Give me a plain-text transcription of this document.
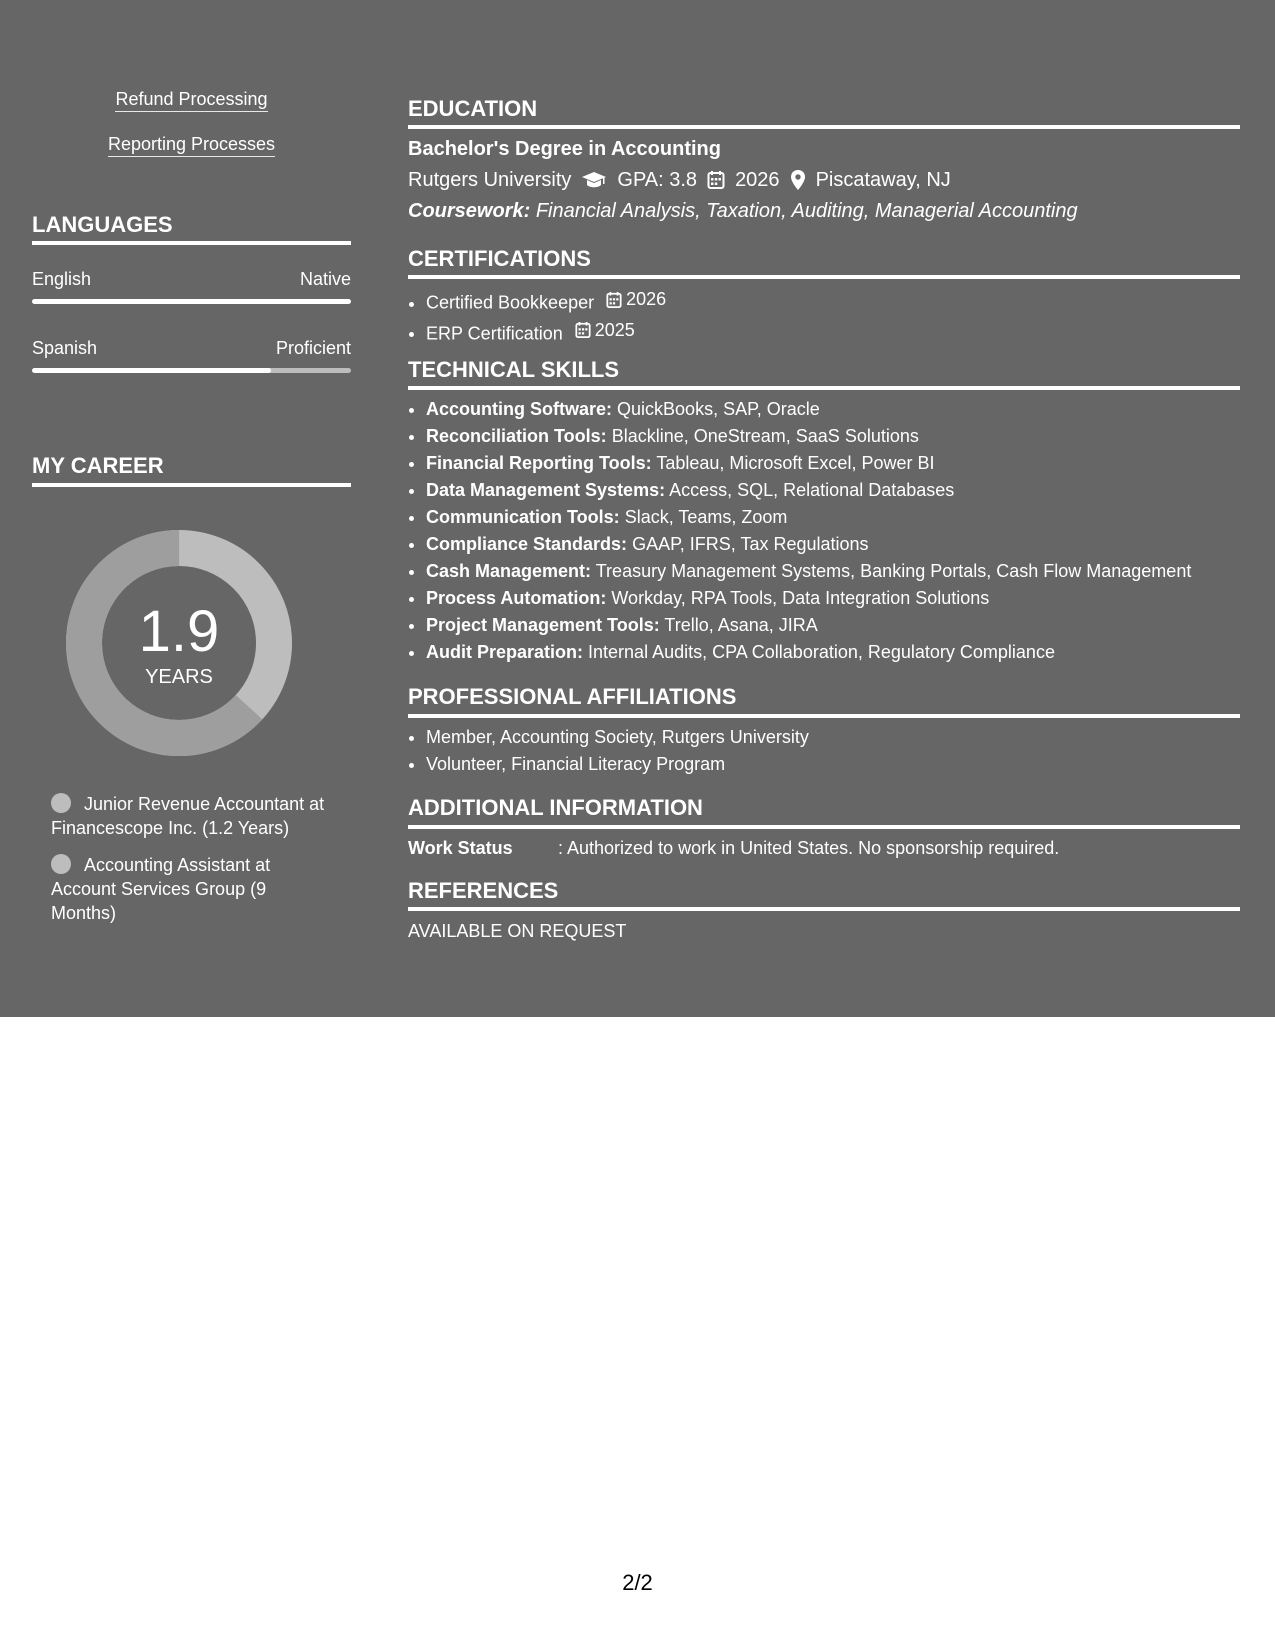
Refund Processing
Reporting Processes
LANGUAGES
English	Native
Spanish	Proficient
MY CAREER
1.9
YEARS
Junior Revenue Accountant at Financescope Inc. (1.2 Years)
Accounting Assistant at Account Services Group (9 Months)
EDUCATION
Bachelor's Degree in Accounting
Rutgers University GPA: 3.8 2026 Piscataway, NJ
Coursework: Financial Analysis, Taxation, Auditing, Managerial Accounting
CERTIFICATIONS
• Certified Bookkeeper 2026
• ERP Certification 2025
TECHNICAL SKILLS
• Accounting Software: QuickBooks, SAP, Oracle
• Reconciliation Tools: Blackline, OneStream, SaaS Solutions
• Financial Reporting Tools: Tableau, Microsoft Excel, Power BI
• Data Management Systems: Access, SQL, Relational Databases
• Communication Tools: Slack, Teams, Zoom
• Compliance Standards: GAAP, IFRS, Tax Regulations
• Cash Management: Treasury Management Systems, Banking Portals, Cash Flow Management
• Process Automation: Workday, RPA Tools, Data Integration Solutions
• Project Management Tools: Trello, Asana, JIRA
• Audit Preparation: Internal Audits, CPA Collaboration, Regulatory Compliance
PROFESSIONAL AFFILIATIONS
• Member, Accounting Society, Rutgers University
• Volunteer, Financial Literacy Program
ADDITIONAL INFORMATION
Work Status	: Authorized to work in United States. No sponsorship required.
REFERENCES
AVAILABLE ON REQUEST
2/2
